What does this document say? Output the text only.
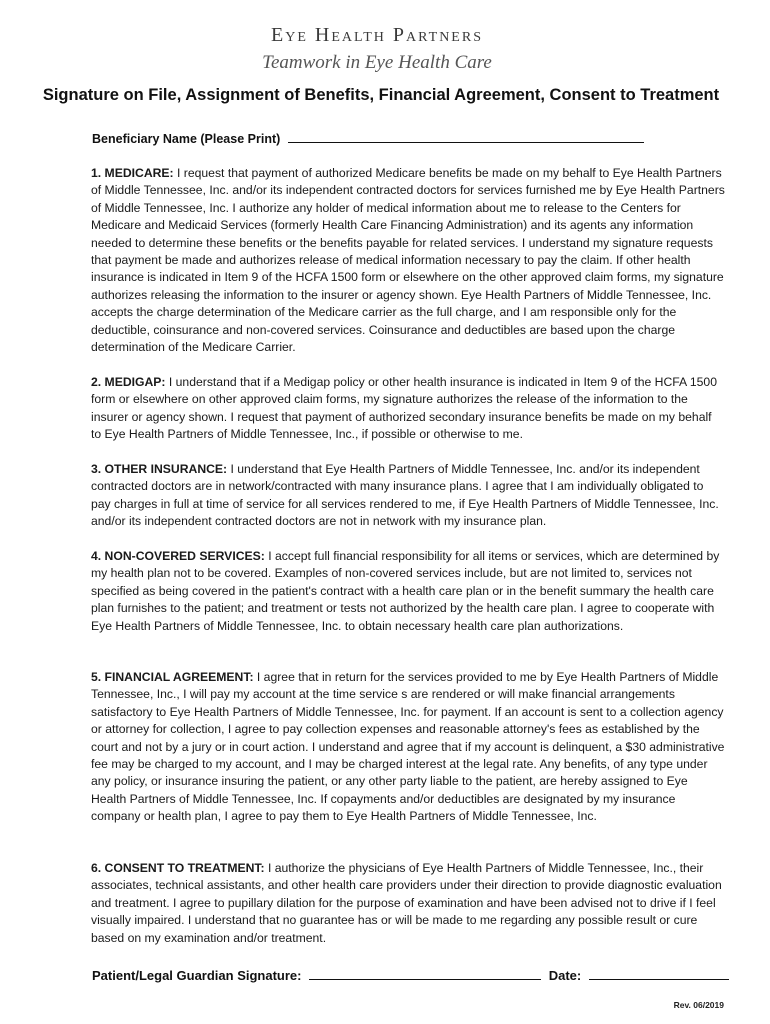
Eye Health Partners
Teamwork in Eye Health Care
Signature on File, Assignment of Benefits, Financial Agreement, Consent to Treatment
Beneficiary Name (Please Print)
1. MEDICARE: I request that payment of authorized Medicare benefits be made on my behalf to Eye Health Partners of Middle Tennessee, Inc. and/or its independent contracted doctors for services furnished me by Eye Health Partners of Middle Tennessee, Inc. I authorize any holder of medical information about me to release to the Centers for Medicare and Medicaid Services (formerly Health Care Financing Administration) and its agents any information needed to determine these benefits or the benefits payable for related services. I understand my signature requests that payment be made and authorizes release of medical information necessary to pay the claim. If other health insurance is indicated in Item 9 of the HCFA 1500 form or elsewhere on the other approved claim forms, my signature authorizes releasing the information to the insurer or agency shown. Eye Health Partners of Middle Tennessee, Inc. accepts the charge determination of the Medicare carrier as the full charge, and I am responsible only for the deductible, coinsurance and non-covered services. Coinsurance and deductibles are based upon the charge determination of the Medicare Carrier.
2. MEDIGAP: I understand that if a Medigap policy or other health insurance is indicated in Item 9 of the HCFA 1500 form or elsewhere on other approved claim forms, my signature authorizes the release of the information to the insurer or agency shown. I request that payment of authorized secondary insurance benefits be made on my behalf to Eye Health Partners of Middle Tennessee, Inc., if possible or otherwise to me.
3. OTHER INSURANCE: I understand that Eye Health Partners of Middle Tennessee, Inc. and/or its independent contracted doctors are in network/contracted with many insurance plans. I agree that I am individually obligated to pay charges in full at time of service for all services rendered to me, if Eye Health Partners of Middle Tennessee, Inc. and/or its independent contracted doctors are not in network with my insurance plan.
4. NON-COVERED SERVICES: I accept full financial responsibility for all items or services, which are determined by my health plan not to be covered. Examples of non-covered services include, but are not limited to, services not specified as being covered in the patient's contract with a health care plan or in the benefit summary the health care plan furnishes to the patient; and treatment or tests not authorized by the health care plan. I agree to cooperate with Eye Health Partners of Middle Tennessee, Inc. to obtain necessary health care plan authorizations.
5. FINANCIAL AGREEMENT: I agree that in return for the services provided to me by Eye Health Partners of Middle Tennessee, Inc., I will pay my account at the time service s are rendered or will make financial arrangements satisfactory to Eye Health Partners of Middle Tennessee, Inc. for payment. If an account is sent to a collection agency or attorney for collection, I agree to pay collection expenses and reasonable attorney's fees as established by the court and not by a jury or in court action. I understand and agree that if my account is delinquent, a $30 administrative fee may be charged to my account, and I may be charged interest at the legal rate. Any benefits, of any type under any policy, or insurance insuring the patient, or any other party liable to the patient, are hereby assigned to Eye Health Partners of Middle Tennessee, Inc. If copayments and/or deductibles are designated by my insurance company or health plan, I agree to pay them to Eye Health Partners of Middle Tennessee, Inc.
6. CONSENT TO TREATMENT: I authorize the physicians of Eye Health Partners of Middle Tennessee, Inc., their associates, technical assistants, and other health care providers under their direction to provide diagnostic evaluation and treatment. I agree to pupillary dilation for the purpose of examination and have been advised not to drive if I feel visually impaired. I understand that no guarantee has or will be made to me regarding any possible result or cure based on my examination and/or treatment.
Patient/Legal Guardian Signature:	Date:
Rev. 06/2019
